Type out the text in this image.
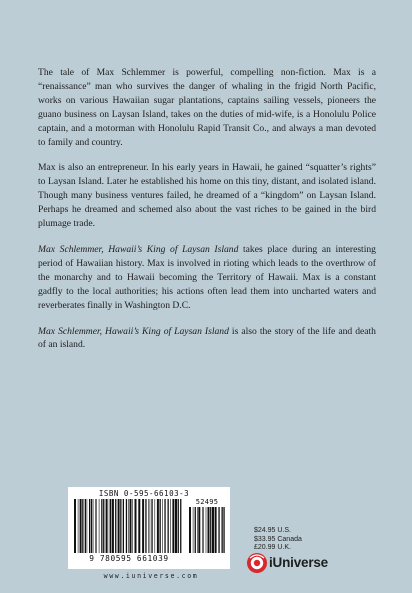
The tale of Max Schlemmer is powerful, compelling non-fiction. Max is a “renaissance” man who survives the danger of whaling in the frigid North Pacific, works on various Hawaiian sugar plantations, captains sailing vessels, pioneers the guano business on Laysan Island, takes on the duties of mid-wife, is a Honolulu Police captain, and a motorman with Honolulu Rapid Transit Co., and always a man devoted to family and country.

Max is also an entrepreneur. In his early years in Hawaii, he gained “squatter’s rights” to Laysan Island. Later he established his home on this tiny, distant, and isolated island. Though many business ventures failed, he dreamed of a “kingdom” on Laysan Island. Perhaps he dreamed and schemed also about the vast riches to be gained in the bird plumage trade.

Max Schlemmer, Hawaii’s King of Laysan Island takes place during an interesting period of Hawaiian history. Max is involved in rioting which leads to the overthrow of the monarchy and to Hawaii becoming the Territory of Hawaii. Max is a constant gadfly to the local authorities; his actions often lead them into uncharted waters and reverberates finally in Washington D.C.

Max Schlemmer, Hawaii’s King of Laysan Island is also the story of the life and death of an island.

ISBN 0-595-66103-3
52495
9 780595 661039
www.iuniverse.com
$24.95 U.S.
$33.95 Canada
£20.99 U.K.
iUniverse
